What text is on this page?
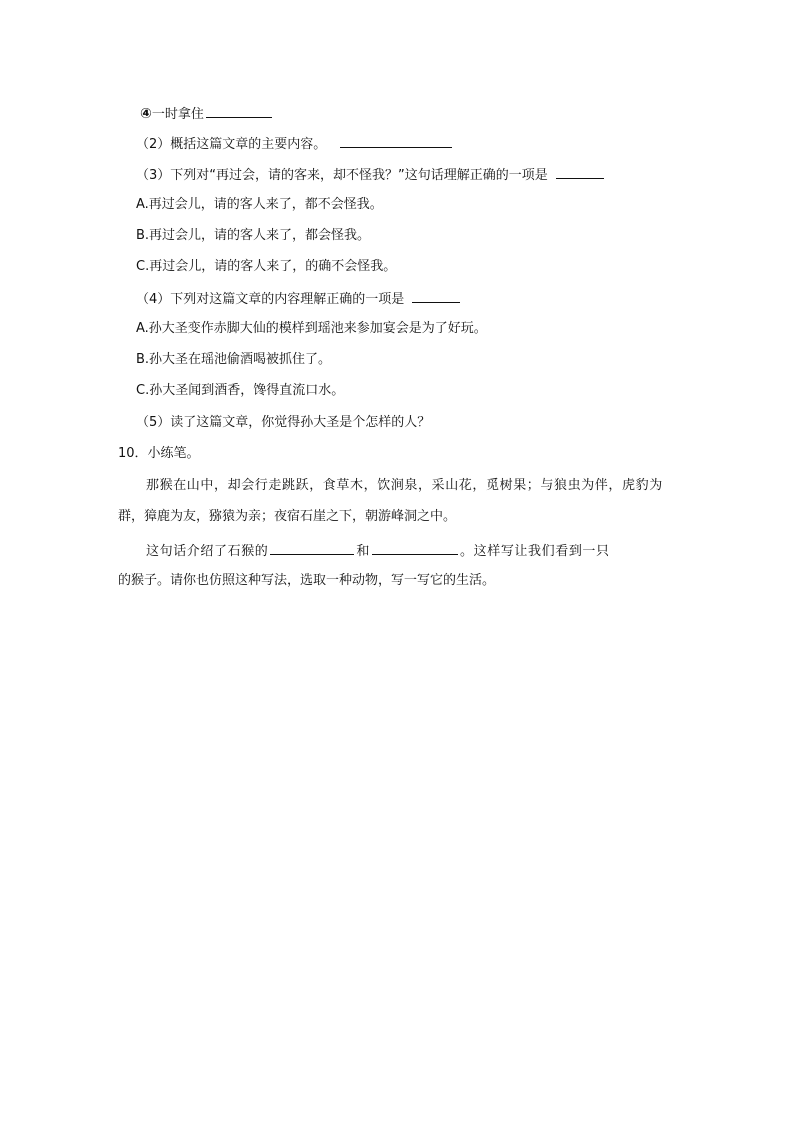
④一时拿住
（2）概括这篇文章的主要内容。
（3）下列对“再过会，请的客来，却不怪我？”这句话理解正确的一项是
A.再过会儿，请的客人来了，都不会怪我。
B.再过会儿，请的客人来了，都会怪我。
C.再过会儿，请的客人来了，的确不会怪我。
（4）下列对这篇文章的内容理解正确的一项是
A.孙大圣变作赤脚大仙的模样到瑶池来参加宴会是为了好玩。
B.孙大圣在瑶池偷酒喝被抓住了。
C.孙大圣闻到酒香，馋得直流口水。
（5）读了这篇文章，你觉得孙大圣是个怎样的人？
10．小练笔。
那猴在山中，却会行走跳跃，食草木，饮涧泉，采山花，觅树果；与狼虫为伴，虎豹为
群，獐鹿为友，猕猿为亲；夜宿石崖之下，朝游峰洞之中。
这句话介绍了石猴的	和	。这样写让我们看到一只
的猴子。请你也仿照这种写法，选取一种动物，写一写它的生活。
